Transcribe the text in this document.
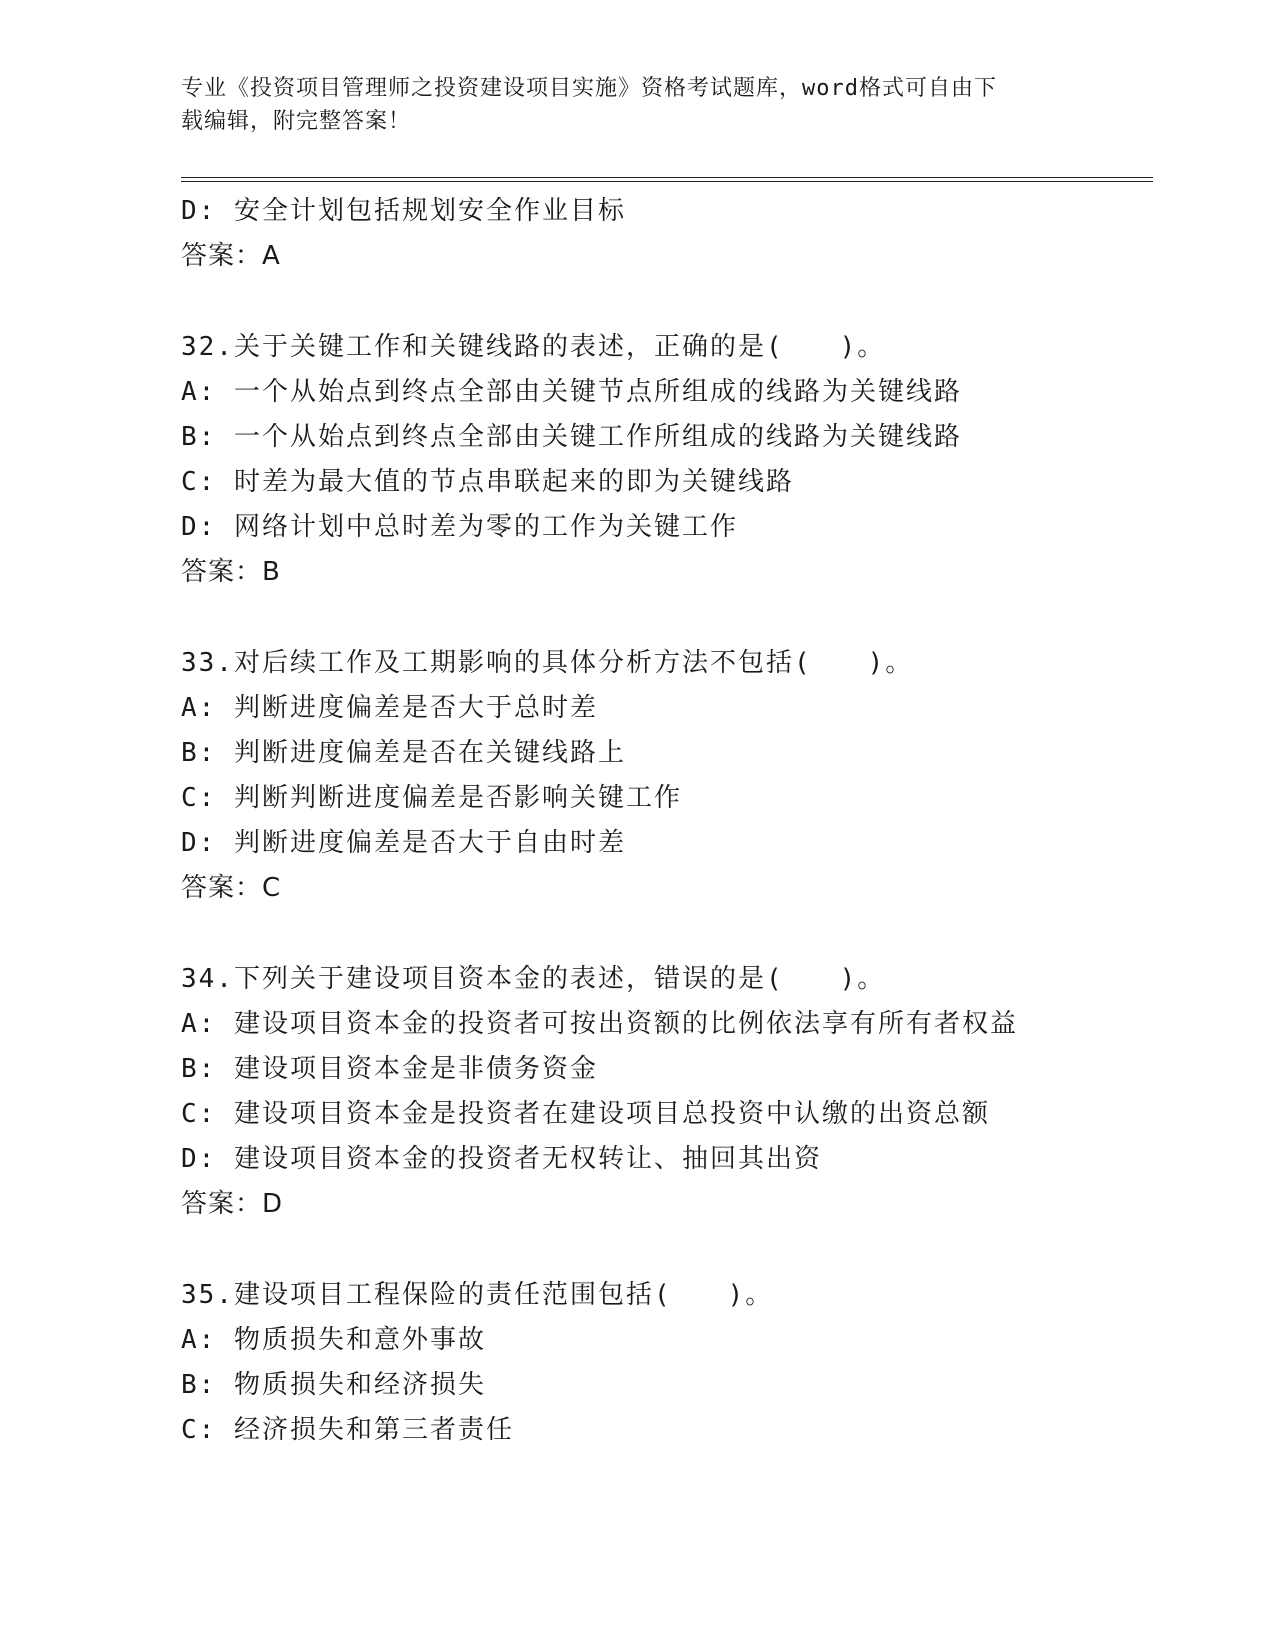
专业《投资项目管理师之投资建设项目实施》资格考试题库，word格式可自由下
载编辑，附完整答案！
D: 安全计划包括规划安全作业目标
答案：A
32.关于关键工作和关键线路的表述，正确的是(　　)。
A: 一个从始点到终点全部由关键节点所组成的线路为关键线路
B: 一个从始点到终点全部由关键工作所组成的线路为关键线路
C: 时差为最大值的节点串联起来的即为关键线路
D: 网络计划中总时差为零的工作为关键工作
答案：B
33.对后续工作及工期影响的具体分析方法不包括(　　)。
A: 判断进度偏差是否大于总时差
B: 判断进度偏差是否在关键线路上
C: 判断判断进度偏差是否影响关键工作
D: 判断进度偏差是否大于自由时差
答案：C
34.下列关于建设项目资本金的表述，错误的是(　　)。
A: 建设项目资本金的投资者可按出资额的比例依法享有所有者权益
B: 建设项目资本金是非债务资金
C: 建设项目资本金是投资者在建设项目总投资中认缴的出资总额
D: 建设项目资本金的投资者无权转让、抽回其出资
答案：D
35.建设项目工程保险的责任范围包括(　　)。
A: 物质损失和意外事故
B: 物质损失和经济损失
C: 经济损失和第三者责任
